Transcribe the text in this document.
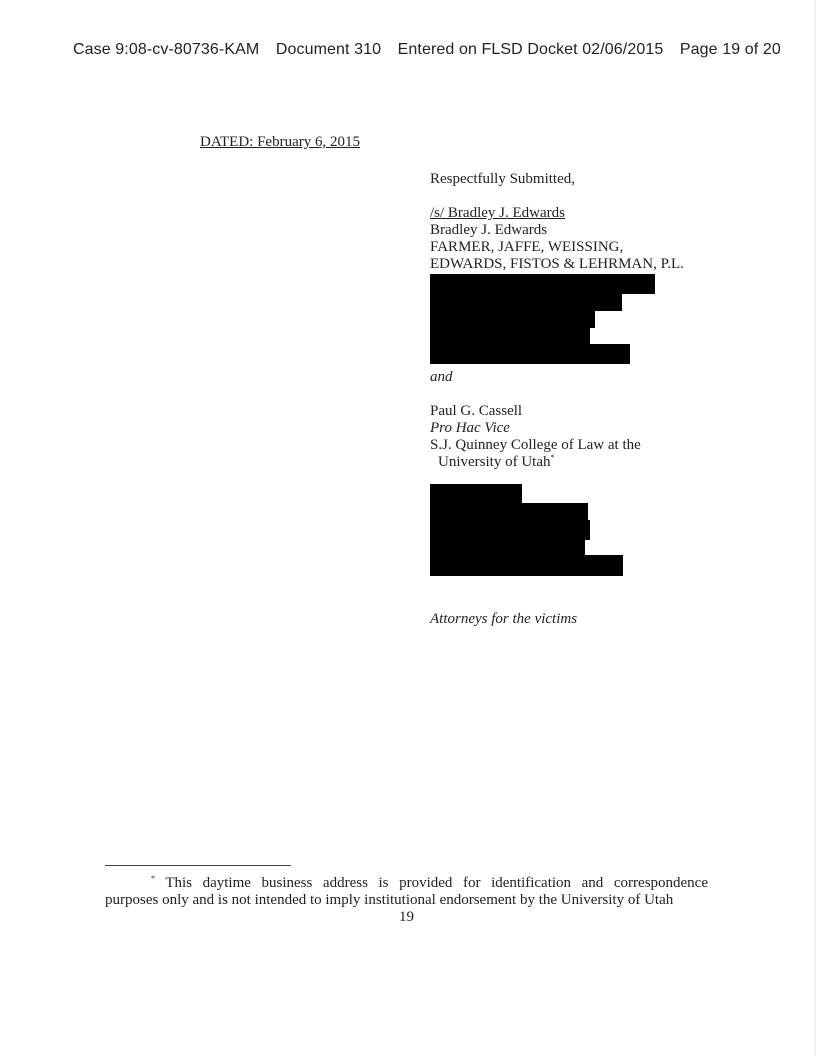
Case 9:08-cv-80736-KAM Document 310 Entered on FLSD Docket 02/06/2015 Page 19 of 20
DATED: February 6, 2015
Respectfully Submitted,
/s/ Bradley J. Edwards
Bradley J. Edwards
FARMER, JAFFE, WEISSING,
EDWARDS, FISTOS & LEHRMAN, P.L.
and
Paul G. Cassell
Pro Hac Vice
S.J. Quinney College of Law at the
University of Utah*
Attorneys for the victims
* This daytime business address is provided for identification and correspondence
purposes only and is not intended to imply institutional endorsement by the University of Utah
19
